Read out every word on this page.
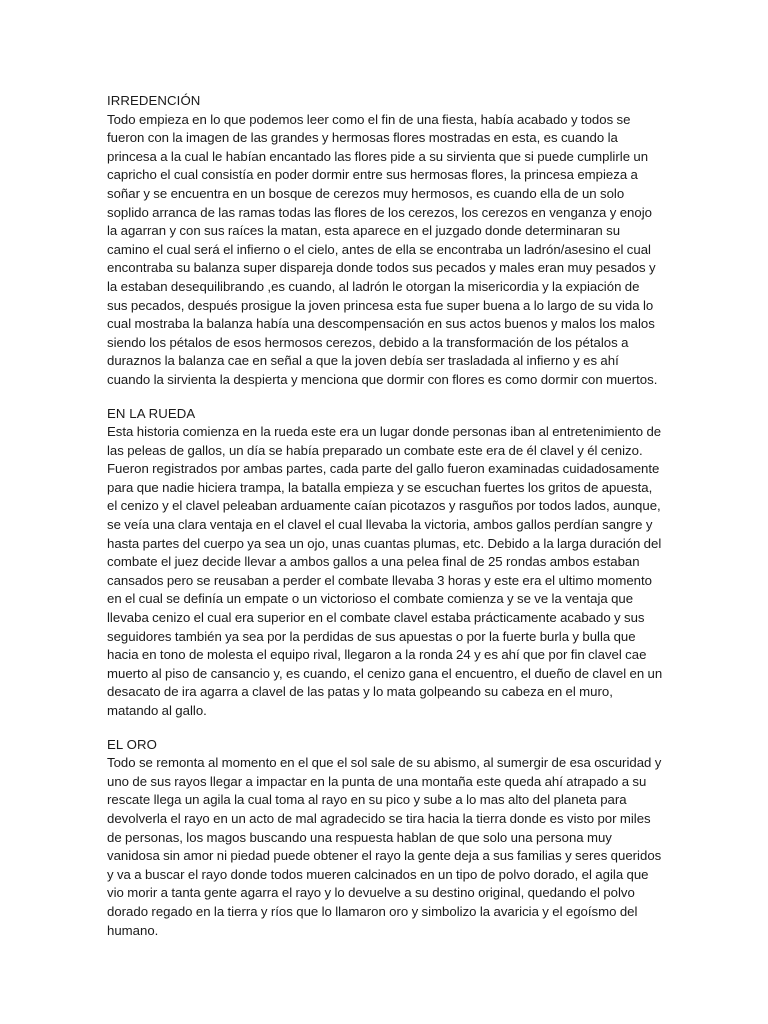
IRREDENCIÓN

Todo empieza en lo que podemos leer como el fin de una fiesta, había acabado y todos se fueron con la imagen de las grandes y hermosas flores mostradas en esta, es cuando la princesa a la cual le habían encantado las flores pide a su sirvienta que si puede cumplirle un capricho el cual consistía en poder dormir entre sus hermosas flores, la princesa empieza a soñar y se encuentra en un bosque de cerezos muy hermosos, es cuando ella de un solo soplido arranca de las ramas todas las flores de los cerezos, los cerezos en venganza y enojo la agarran y con sus raíces la matan, esta aparece en el juzgado donde determinaran su camino el cual será el infierno o el cielo, antes de ella se encontraba un ladrón/asesino el cual encontraba su balanza super dispareja donde todos sus pecados y males eran muy pesados y la estaban desequilibrando ,es cuando, al ladrón le otorgan la misericordia y la expiación de sus pecados, después prosigue la joven princesa esta fue super buena a lo largo de su vida lo cual mostraba la balanza había una descompensación en sus actos buenos y malos los malos siendo los pétalos de esos hermosos cerezos, debido a la transformación de los pétalos a duraznos la balanza cae en señal a que la joven debía ser trasladada al infierno y es ahí cuando la sirvienta la despierta y menciona que dormir con flores es como dormir con muertos.

EN LA RUEDA

Esta historia comienza en la rueda este era un lugar donde personas iban al entretenimiento de las peleas de gallos, un día se había preparado un combate este era de él clavel y él cenizo. Fueron registrados por ambas partes, cada parte del gallo fueron examinadas cuidadosamente para que nadie hiciera trampa, la batalla empieza y se escuchan fuertes los gritos de apuesta, el cenizo y el clavel peleaban arduamente caían picotazos y rasguños por todos lados, aunque, se veía una clara ventaja en el clavel el cual llevaba la victoria, ambos gallos perdían sangre y hasta partes del cuerpo ya sea un ojo, unas cuantas plumas, etc. Debido a la larga duración del combate el juez decide llevar a ambos gallos a una pelea final de 25 rondas ambos estaban cansados pero se reusaban a perder el combate llevaba 3 horas y este era el ultimo momento en el cual se definía un empate o un victorioso el combate comienza y se ve la ventaja que llevaba cenizo el cual era superior en el combate clavel estaba prácticamente acabado y sus seguidores también ya sea por la perdidas de sus apuestas o por la fuerte burla y bulla que hacia en tono de molesta el equipo rival, llegaron a la ronda 24 y es ahí que por fin clavel cae muerto al piso de cansancio y, es cuando, el cenizo gana el encuentro, el dueño de clavel en un desacato de ira agarra a clavel de las patas y lo mata golpeando su cabeza en el muro, matando al gallo.

EL ORO

Todo se remonta al momento en el que el sol sale de su abismo, al sumergir de esa oscuridad y uno de sus rayos llegar a impactar en la punta de una montaña este queda ahí atrapado a su rescate llega un agila la cual toma al rayo en su pico y sube a lo mas alto del planeta para devolverla el rayo en un acto de mal agradecido se tira hacia la tierra donde es visto por miles de personas, los magos buscando una respuesta hablan de que solo una persona muy vanidosa sin amor ni piedad puede obtener el rayo la gente deja a sus familias y seres queridos y va a buscar el rayo donde todos mueren calcinados en un tipo de polvo dorado, el agila que vio morir a tanta gente agarra el rayo y lo devuelve a su destino original, quedando el polvo dorado regado en la tierra y ríos que lo llamaron oro y simbolizo la avaricia y el egoísmo del humano.
